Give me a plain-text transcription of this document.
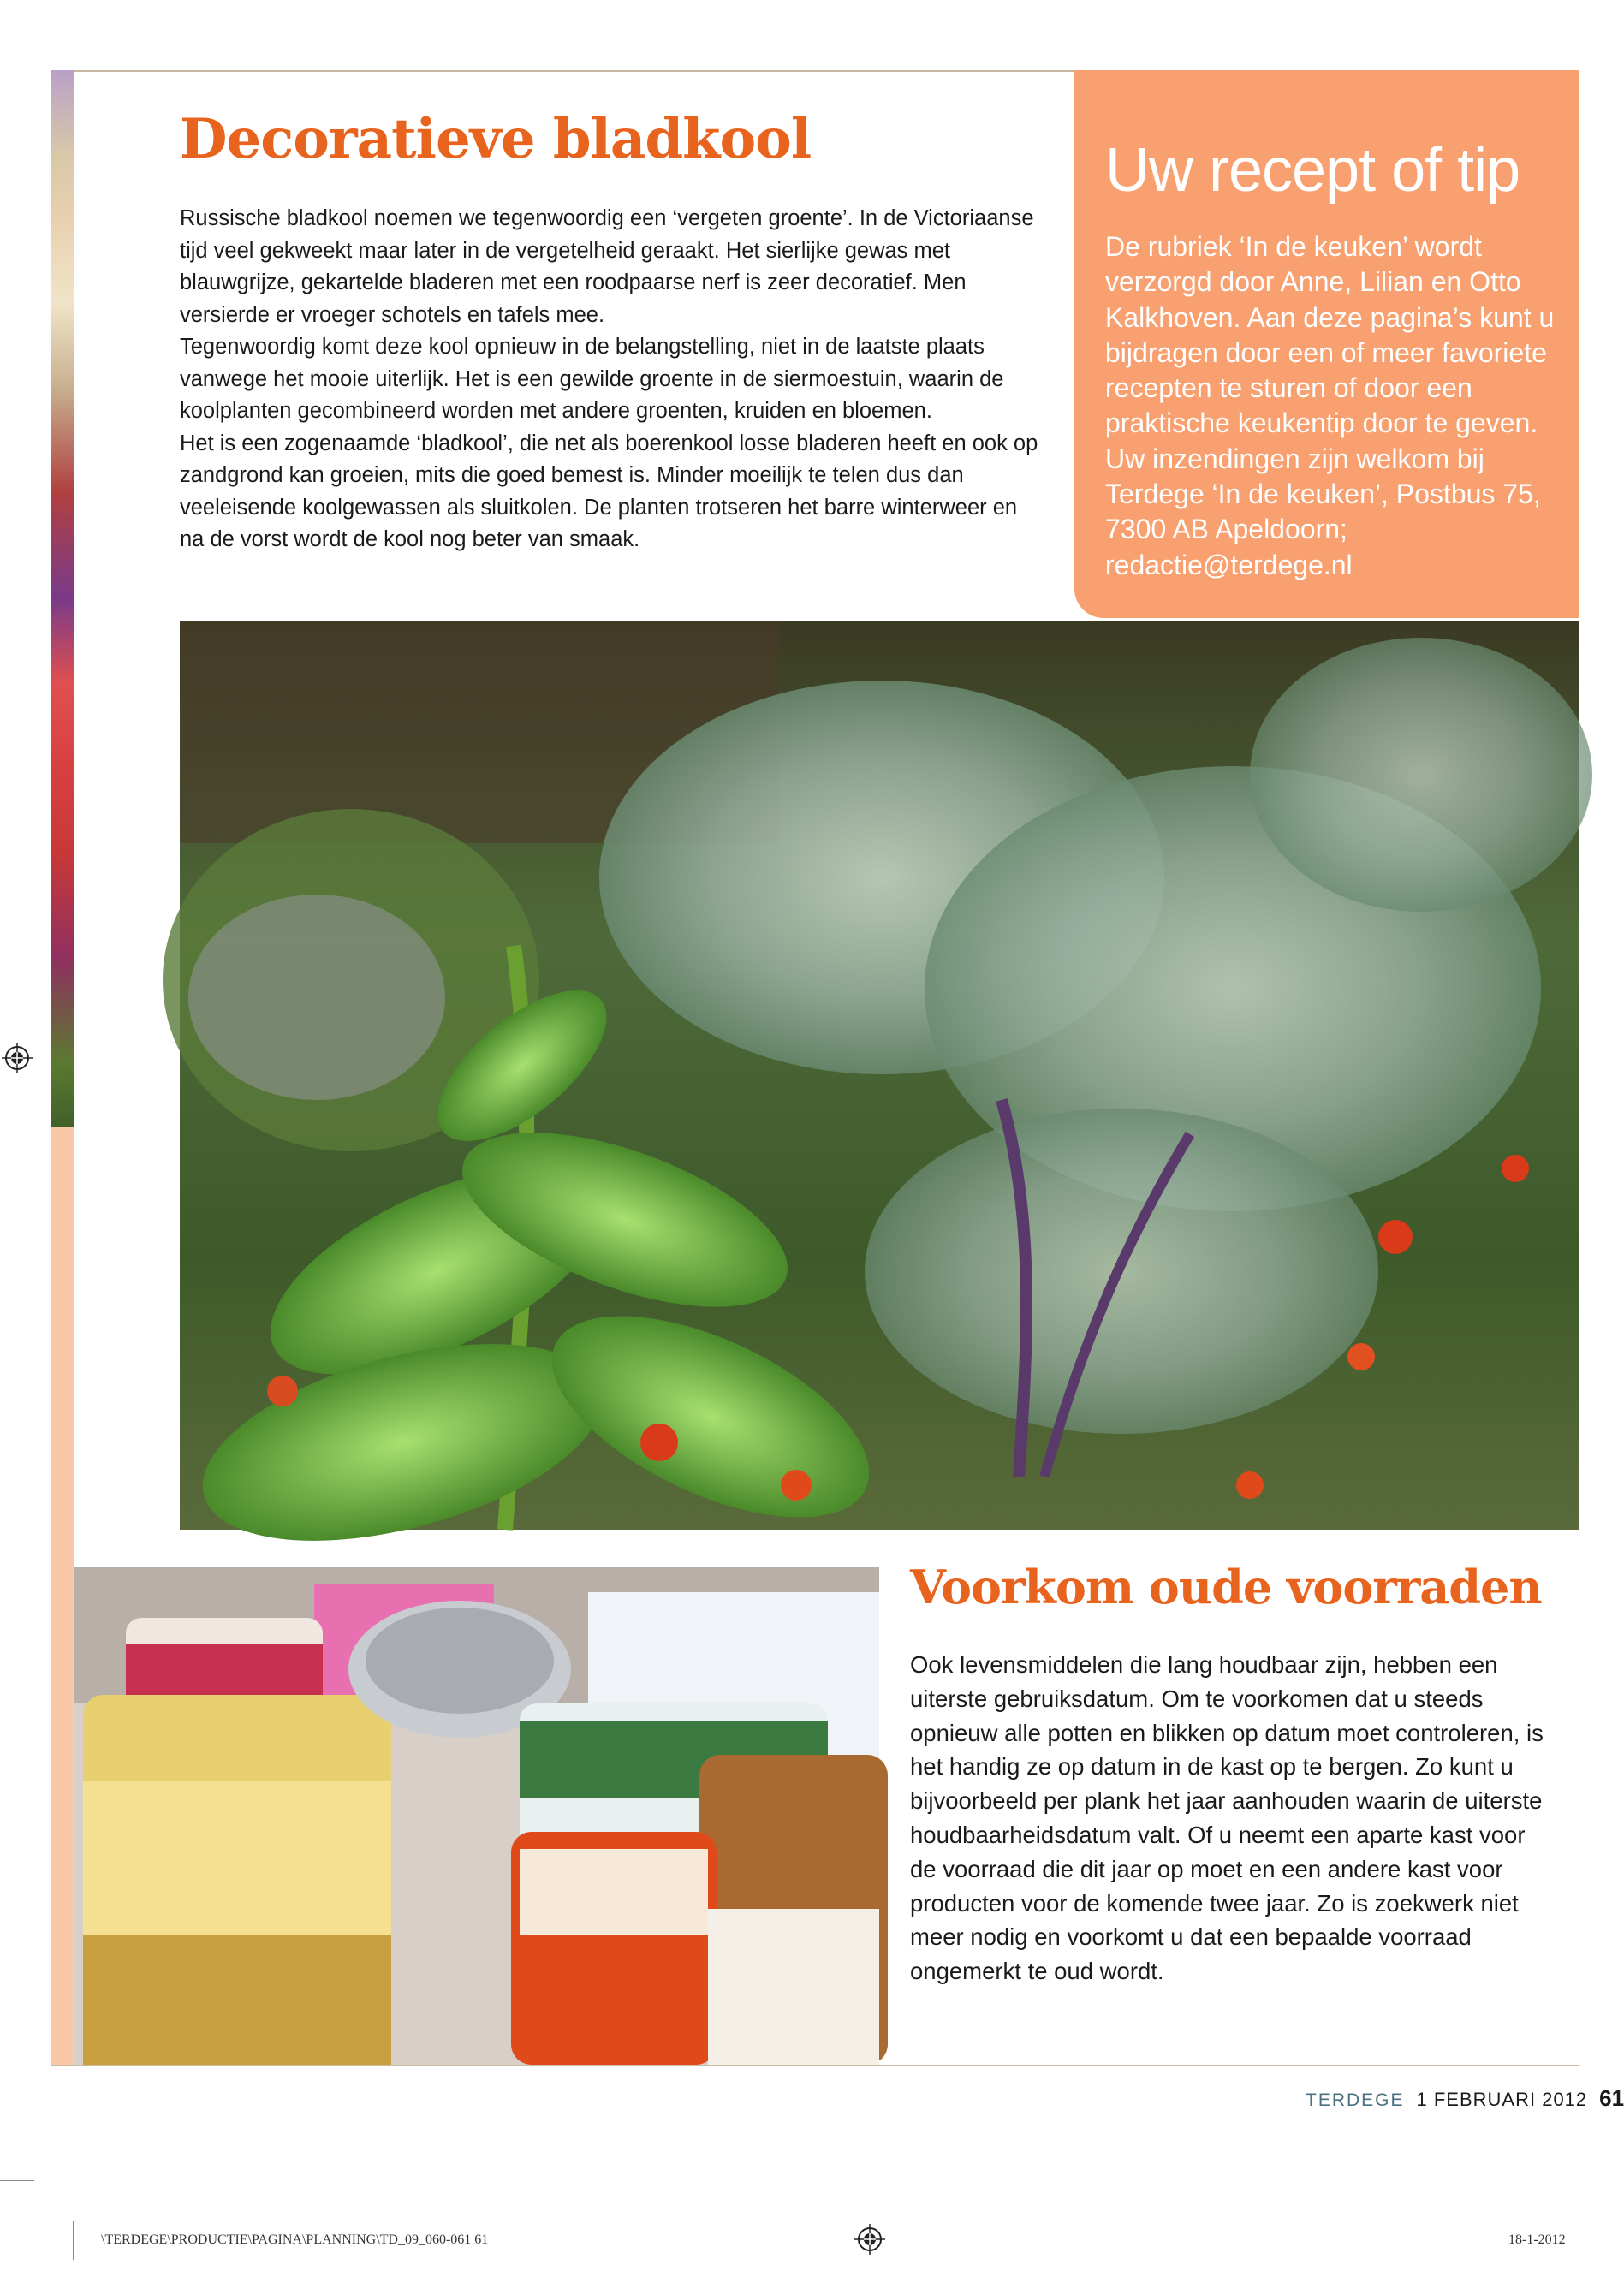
Decoratieve bladkool

Russische bladkool noemen we tegenwoordig een ‘vergeten groente’. In de Victoriaanse tijd veel gekweekt maar later in de vergetelheid geraakt. Het sierlijke gewas met blauwgrijze, gekartelde bladeren met een roodpaarse nerf is zeer decoratief. Men versierde er vroeger schotels en tafels mee.

Tegenwoordig komt deze kool opnieuw in de belangstelling, niet in de laatste plaats vanwege het mooie uiterlijk. Het is een gewilde groente in de siermoestuin, waarin de koolplanten gecombineerd worden met andere groenten, kruiden en bloemen.

Het is een zogenaamde ‘bladkool’, die net als boerenkool losse bladeren heeft en ook op zandgrond kan groeien, mits die goed bemest is. Minder moeilijk te telen dus dan veeleisende koolgewassen als sluitkolen. De planten trotseren het barre winterweer en na de vorst wordt de kool nog beter van smaak.

Uw recept of tip

De rubriek ‘In de keuken’ wordt verzorgd door Anne, Lilian en Otto Kalkhoven. Aan deze pagina’s kunt u bijdragen door een of meer favoriete recepten te sturen of door een praktische keukentip door te geven. Uw inzendingen zijn welkom bij Terdege ‘In de keuken’, Postbus 75, 7300 AB Apeldoorn; redactie@terdege.nl

Voorkom oude voorraden

Ook levensmiddelen die lang houdbaar zijn, hebben een uiterste gebruiksdatum. Om te voorkomen dat u steeds opnieuw alle potten en blikken op datum moet controleren, is het handig ze op datum in de kast op te bergen. Zo kunt u bijvoorbeeld per plank het jaar aanhouden waarin de uiterste houdbaarheidsdatum valt. Of u neemt een aparte kast voor de voorraad die dit jaar op moet en een andere kast voor producten voor de komende twee jaar. Zo is zoekwerk niet meer nodig en voorkomt u dat een bepaalde voorraad ongemerkt te oud wordt.

TERDEGE 1 FEBRUARI 2012 61
\TERDEGE\PRODUCTIE\PAGINA\PLANNING\TD_09_060-061 61	18-1-2012
